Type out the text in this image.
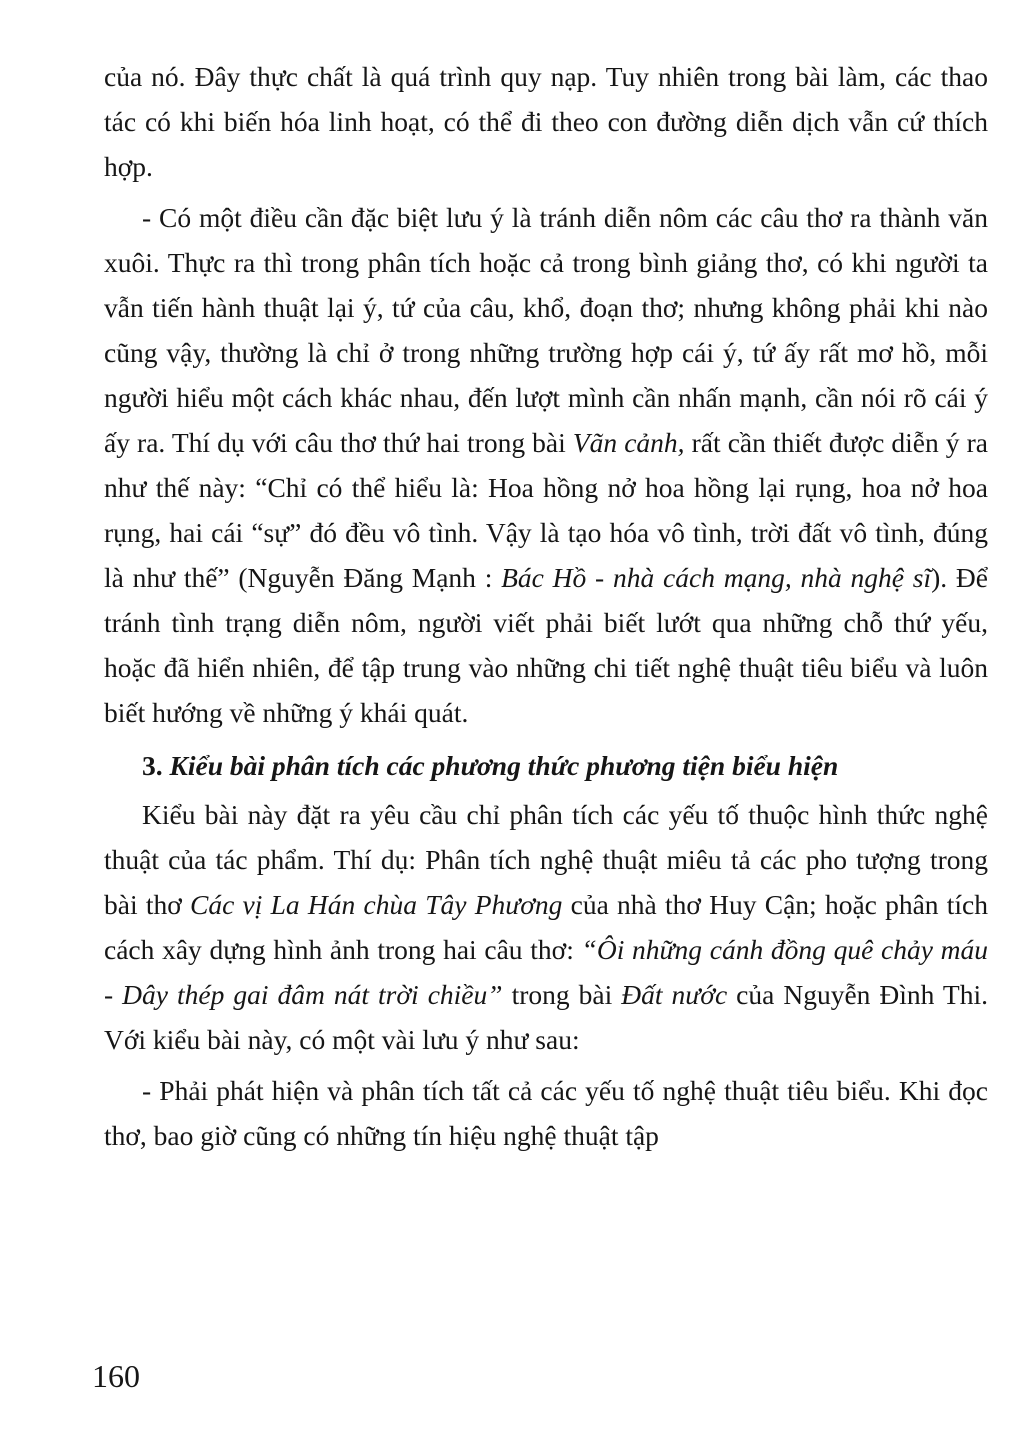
của nó. Đây thực chất là quá trình quy nạp. Tuy nhiên trong bài làm, các thao tác có khi biến hóa linh hoạt, có thể đi theo con đường diễn dịch vẫn cứ thích hợp.

- Có một điều cần đặc biệt lưu ý là tránh diễn nôm các câu thơ ra thành văn xuôi. Thực ra thì trong phân tích hoặc cả trong bình giảng thơ, có khi người ta vẫn tiến hành thuật lại ý, tứ của câu, khổ, đoạn thơ; nhưng không phải khi nào cũng vậy, thường là chỉ ở trong những trường hợp cái ý, tứ ấy rất mơ hồ, mỗi người hiểu một cách khác nhau, đến lượt mình cần nhấn mạnh, cần nói rõ cái ý ấy ra. Thí dụ với câu thơ thứ hai trong bài Vãn cảnh, rất cần thiết được diễn ý ra như thế này: “Chỉ có thể hiểu là: Hoa hồng nở hoa hồng lại rụng, hoa nở hoa rụng, hai cái “sự” đó đều vô tình. Vậy là tạo hóa vô tình, trời đất vô tình, đúng là như thế” (Nguyễn Đăng Mạnh : Bác Hồ - nhà cách mạng, nhà nghệ sĩ). Để tránh tình trạng diễn nôm, người viết phải biết lướt qua những chỗ thứ yếu, hoặc đã hiển nhiên, để tập trung vào những chi tiết nghệ thuật tiêu biểu và luôn biết hướng về những ý khái quát.

3. Kiểu bài phân tích các phương thức phương tiện biểu hiện

Kiểu bài này đặt ra yêu cầu chỉ phân tích các yếu tố thuộc hình thức nghệ thuật của tác phẩm. Thí dụ: Phân tích nghệ thuật miêu tả các pho tượng trong bài thơ Các vị La Hán chùa Tây Phương của nhà thơ Huy Cận; hoặc phân tích cách xây dựng hình ảnh trong hai câu thơ: “Ôi những cánh đồng quê chảy máu - Dây thép gai đâm nát trời chiều” trong bài Đất nước của Nguyễn Đình Thi. Với kiểu bài này, có một vài lưu ý như sau:

- Phải phát hiện và phân tích tất cả các yếu tố nghệ thuật tiêu biểu. Khi đọc thơ, bao giờ cũng có những tín hiệu nghệ thuật tập

160
